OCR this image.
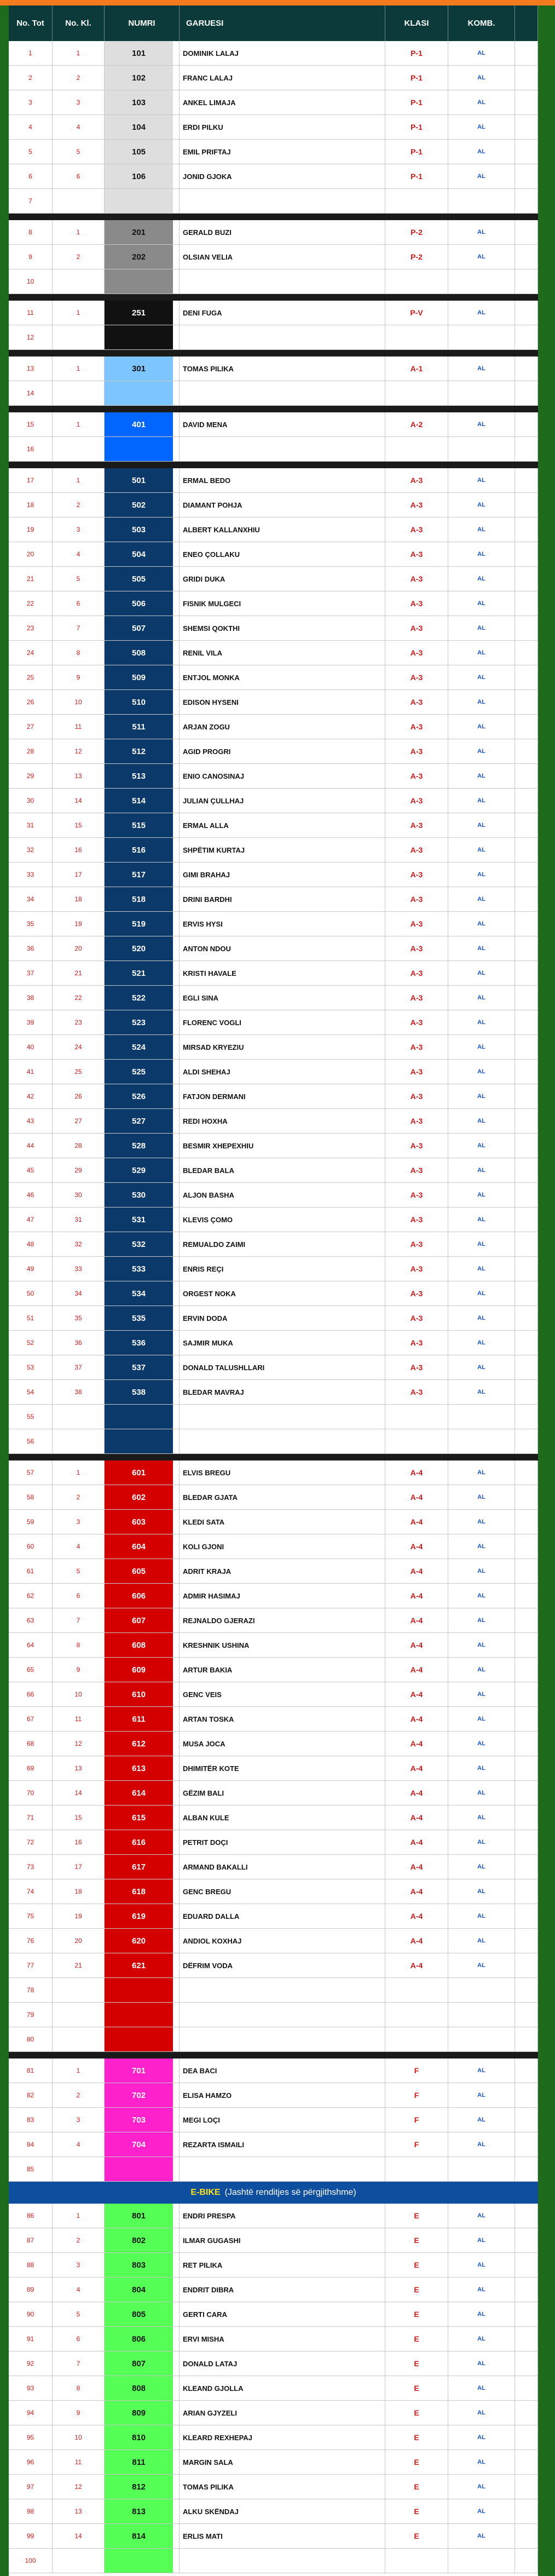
No. Tot	No. Kl.	NUMRI	GARUESI	KLASI	KOMB.
1	1	101	DOMINIK LALAJ	P-1	AL
2	2	102	FRANC LALAJ	P-1	AL
3	3	103	ANKEL LIMAJA	P-1	AL
4	4	104	ERDI PILKU	P-1	AL
5	5	105	EMIL PRIFTAJ	P-1	AL
6	6	106	JONID GJOKA	P-1	AL
7
8	1	201	GERALD BUZI	P-2	AL
9	2	202	OLSIAN VELIA	P-2	AL
10
11	1	251	DENI FUGA	P-V	AL
12
13	1	301	TOMAS PILIKA	A-1	AL
14
15	1	401	DAVID MENA	A-2	AL
16
17	1	501	ERMAL BEDO	A-3	AL
18	2	502	DIAMANT POHJA	A-3	AL
19	3	503	ALBERT KALLANXHIU	A-3	AL
20	4	504	ENEO ÇOLLAKU	A-3	AL
21	5	505	GRIDI DUKA	A-3	AL
22	6	506	FISNIK MULGECI	A-3	AL
23	7	507	SHEMSI QOKTHI	A-3	AL
24	8	508	RENIL VILA	A-3	AL
25	9	509	ENTJOL MONKA	A-3	AL
26	10	510	EDISON HYSENI	A-3	AL
27	11	511	ARJAN ZOGU	A-3	AL
28	12	512	AGID PROGRI	A-3	AL
29	13	513	ENIO CANOSINAJ	A-3	AL
30	14	514	JULIAN ÇULLHAJ	A-3	AL
31	15	515	ERMAL ALLA	A-3	AL
32	16	516	SHPËTIM KURTAJ	A-3	AL
33	17	517	GIMI BRAHAJ	A-3	AL
34	18	518	DRINI BARDHI	A-3	AL
35	19	519	ERVIS HYSI	A-3	AL
36	20	520	ANTON NDOU	A-3	AL
37	21	521	KRISTI HAVALE	A-3	AL
38	22	522	EGLI SINA	A-3	AL
39	23	523	FLORENC VOGLI	A-3	AL
40	24	524	MIRSAD KRYEZIU	A-3	AL
41	25	525	ALDI SHEHAJ	A-3	AL
42	26	526	FATJON DERMANI	A-3	AL
43	27	527	REDI HOXHA	A-3	AL
44	28	528	BESMIR XHEPEXHIU	A-3	AL
45	29	529	BLEDAR BALA	A-3	AL
46	30	530	ALJON BASHA	A-3	AL
47	31	531	KLEVIS ÇOMO	A-3	AL
48	32	532	REMUALDO ZAIMI	A-3	AL
49	33	533	ENRIS REÇI	A-3	AL
50	34	534	ORGEST NOKA	A-3	AL
51	35	535	ERVIN DODA	A-3	AL
52	36	536	SAJMIR MUKA	A-3	AL
53	37	537	DONALD TALUSHLLARI	A-3	AL
54	38	538	BLEDAR MAVRAJ	A-3	AL
55
56
57	1	601	ELVIS BREGU	A-4	AL
58	2	602	BLEDAR GJATA	A-4	AL
59	3	603	KLEDI SATA	A-4	AL
60	4	604	KOLI GJONI	A-4	AL
61	5	605	ADRIT KRAJA	A-4	AL
62	6	606	ADMIR HASIMAJ	A-4	AL
63	7	607	REJNALDO GJERAZI	A-4	AL
64	8	608	KRESHNIK USHINA	A-4	AL
65	9	609	ARTUR BAKIA	A-4	AL
66	10	610	GENC VEIS	A-4	AL
67	11	611	ARTAN TOSKA	A-4	AL
68	12	612	MUSA JOCA	A-4	AL
69	13	613	DHIMITËR KOTE	A-4	AL
70	14	614	GËZIM BALI	A-4	AL
71	15	615	ALBAN KULE	A-4	AL
72	16	616	PETRIT DOÇI	A-4	AL
73	17	617	ARMAND BAKALLI	A-4	AL
74	18	618	GENC BREGU	A-4	AL
75	19	619	EDUARD DALLA	A-4	AL
76	20	620	ANDIOL KOXHAJ	A-4	AL
77	21	621	DËFRIM VODA	A-4	AL
78
79
80
81	1	701	DEA BACI	F	AL
82	2	702	ELISA HAMZO	F	AL
83	3	703	MEGI LOÇI	F	AL
84	4	704	REZARTA ISMAILI	F	AL
85
E-BIKE (Jashtë renditjes së përgjithshme)
86	1	801	ENDRI PRESPA	E	AL
87	2	802	ILMAR GUGASHI	E	AL
88	3	803	RET PILIKA	E	AL
89	4	804	ENDRIT DIBRA	E	AL
90	5	805	GERTI CARA	E	AL
91	6	806	ERVI MISHA	E	AL
92	7	807	DONALD LATAJ	E	AL
93	8	808	KLEAND GJOLLA	E	AL
94	9	809	ARIAN GJYZELI	E	AL
95	10	810	KLEARD REXHEPAJ	E	AL
96	11	811	MARGIN SALA	E	AL
97	12	812	TOMAS PILIKA	E	AL
98	13	813	ALKU SKËNDAJ	E	AL
99	14	814	ERLIS MATI	E	AL
100
